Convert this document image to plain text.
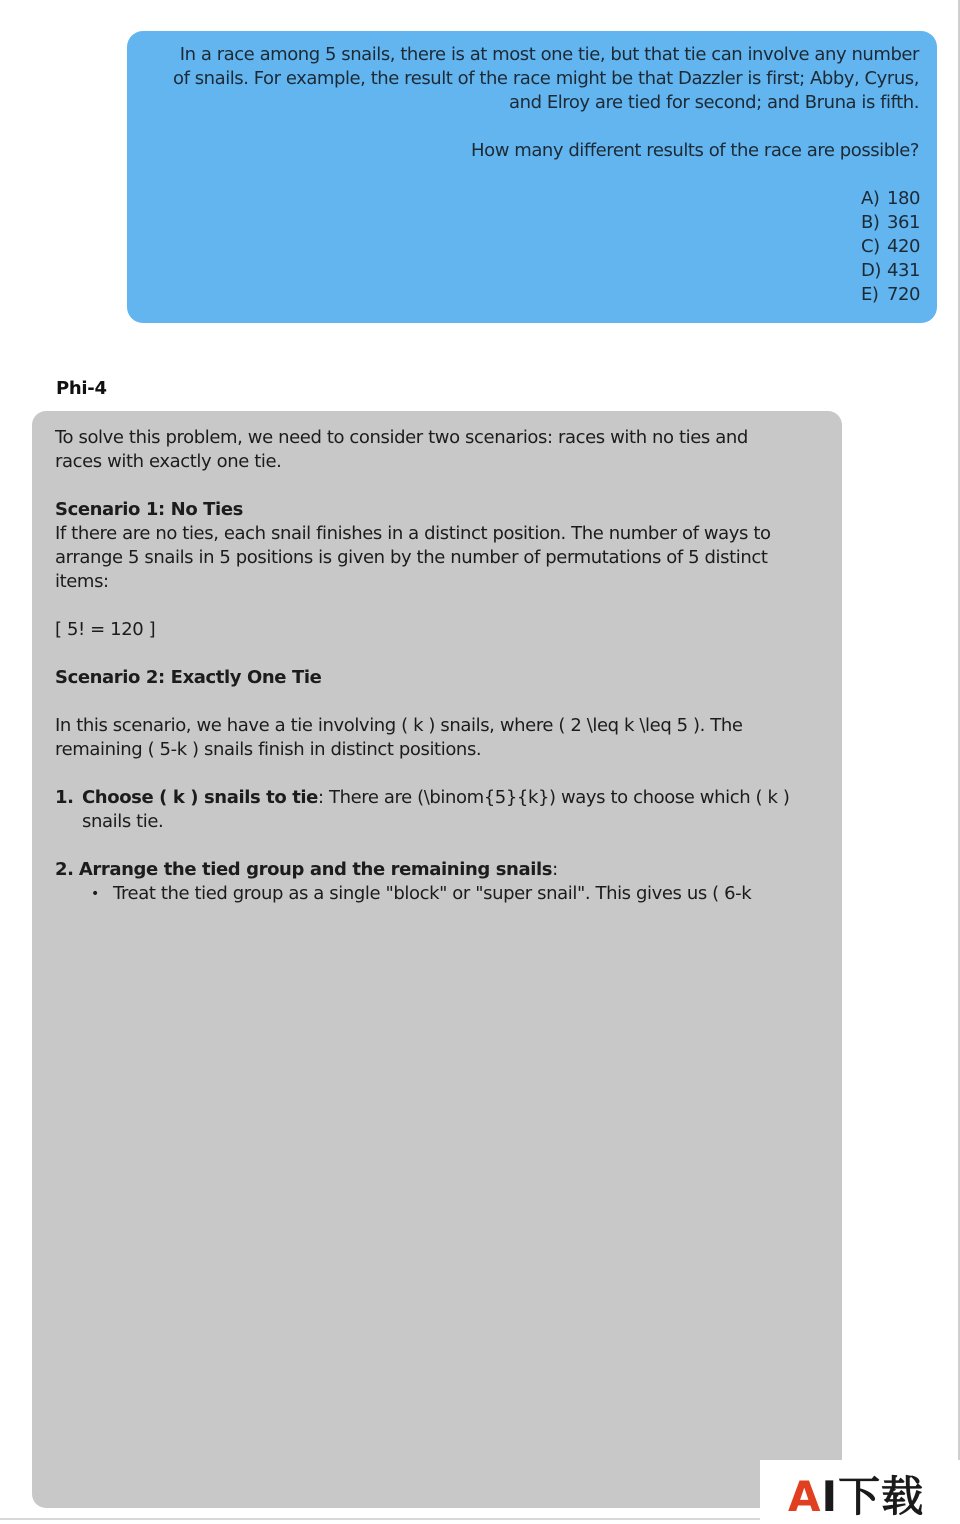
In a race among 5 snails, there is at most one tie, but that tie can involve any number

of snails. For example, the result of the race might be that Dazzler is first; Abby, Cyrus,

and Elroy are tied for second; and Bruna is fifth.

How many different results of the race are possible?

A) 180
B) 361
C) 420
D) 431
E) 720
Phi-4

To solve this problem, we need to consider two scenarios: races with no ties and

races with exactly one tie.

Scenario 1: No Ties

If there are no ties, each snail finishes in a distinct position. The number of ways to

arrange 5 snails in 5 positions is given by the number of permutations of 5 distinct

items:

[ 5! = 120 ]

Scenario 2: Exactly One Tie

In this scenario, we have a tie involving ( k ) snails, where ( 2 \leq k \leq 5 ). The

remaining ( 5-k ) snails finish in distinct positions.

1. Choose ( k ) snails to tie: There are (\binom{5}{k}) ways to choose which ( k )

snails tie.

2. Arrange the tied group and the remaining snails:

• Treat the tied group as a single "block" or "super snail". This gives us ( 6-k
AI下载
